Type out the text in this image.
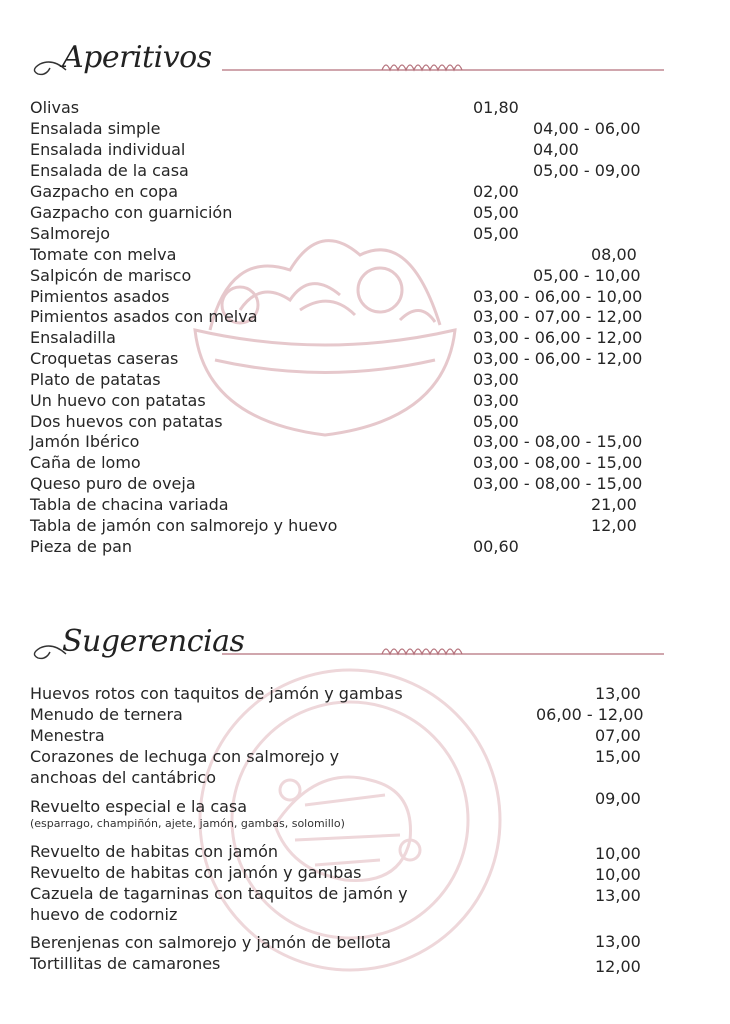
Aperitivos
Olivas	01,80
Ensalada simple	04,00 - 06,00
Ensalada individual	04,00
Ensalada de la casa	05,00 - 09,00
Gazpacho en copa	02,00
Gazpacho con guarnición	05,00
Salmorejo	05,00
Tomate con melva	08,00
Salpicón de marisco	05,00 - 10,00
Pimientos asados	03,00 - 06,00 - 10,00
Pimientos asados con melva	03,00 - 07,00 - 12,00
Ensaladilla	03,00 - 06,00 - 12,00
Croquetas caseras	03,00 - 06,00 - 12,00
Plato de patatas	03,00
Un huevo con patatas	03,00
Dos huevos con patatas	05,00
Jamón Ibérico	03,00 - 08,00 - 15,00
Caña de lomo	03,00 - 08,00 - 15,00
Queso puro de oveja	03,00 - 08,00 - 15,00
Tabla de chacina variada	21,00
Tabla de jamón con salmorejo y huevo	12,00
Pieza de pan	00,60
Sugerencias
Huevos rotos con taquitos de jamón y gambas	13,00
Menudo de ternera	06,00 - 12,00
Menestra	07,00
Corazones de lechuga con salmorejo y
anchoas del cantábrico
15,00
Revuelto especial e la casa
(esparrago, champiñón, ajete, jamón, gambas, solomillo)
09,00
Revuelto de habitas con jamón	10,00
Revuelto de habitas con jamón y gambas	10,00
Cazuela de tagarninas con taquitos de jamón y
huevo de codorniz
13,00
Berenjenas con salmorejo y jamón de bellota	13,00
Tortillitas de camarones	12,00
